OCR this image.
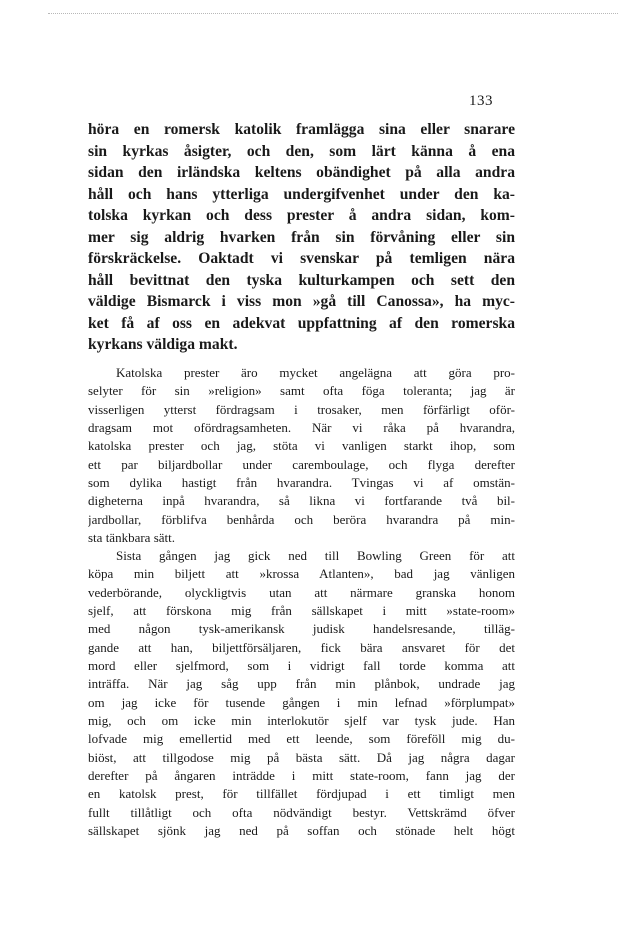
133
höra en romersk katolik framlägga sina eller snarare
sin kyrkas åsigter, och den, som lärt känna å ena
sidan den irländska keltens obändighet på alla andra
håll och hans ytterliga undergifvenhet under den ka-
tolska kyrkan och dess prester å andra sidan, kom-
mer sig aldrig hvarken från sin förvåning eller sin
förskräckelse. Oaktadt vi svenskar på temligen nära
håll bevittnat den tyska kulturkampen och sett den
väldige Bismarck i viss mon »gå till Canossa», ha myc-
ket få af oss en adekvat uppfattning af den romerska
kyrkans väldiga makt.
Katolska prester äro mycket angelägna att göra pro-
selyter för sin »religion» samt ofta föga toleranta; jag är
visserligen ytterst fördragsam i trosaker, men förfärligt oför-
dragsam mot ofördragsamheten. När vi råka på hvarandra,
katolska prester och jag, stöta vi vanligen starkt ihop, som
ett par biljardbollar under caremboulage, och flyga derefter
som dylika hastigt från hvarandra. Tvingas vi af omstän-
digheterna inpå hvarandra, så likna vi fortfarande två bil-
jardbollar, förblifva benhårda och beröra hvarandra på min-
sta tänkbara sätt.
Sista gången jag gick ned till Bowling Green för att
köpa min biljett att »krossa Atlanten», bad jag vänligen
vederbörande, olyckligtvis utan att närmare granska honom
sjelf, att förskona mig från sällskapet i mitt »state-room»
med någon tysk-amerikansk judisk handelsresande, tilläg-
gande att han, biljettförsäljaren, fick bära ansvaret för det
mord eller sjelfmord, som i vidrigt fall torde komma att
inträffa. När jag såg upp från min plånbok, undrade jag
om jag icke för tusende gången i min lefnad »förplumpat»
mig, och om icke min interlokutör sjelf var tysk jude. Han
lofvade mig emellertid med ett leende, som föreföll mig du-
biöst, att tillgodose mig på bästa sätt. Då jag några dagar
derefter på ångaren inträdde i mitt state-room, fann jag der
en katolsk prest, för tillfället fördjupad i ett timligt men
fullt tillåtligt och ofta nödvändigt bestyr. Vettskrämd öfver
sällskapet sjönk jag ned på soffan och stönade helt högt
